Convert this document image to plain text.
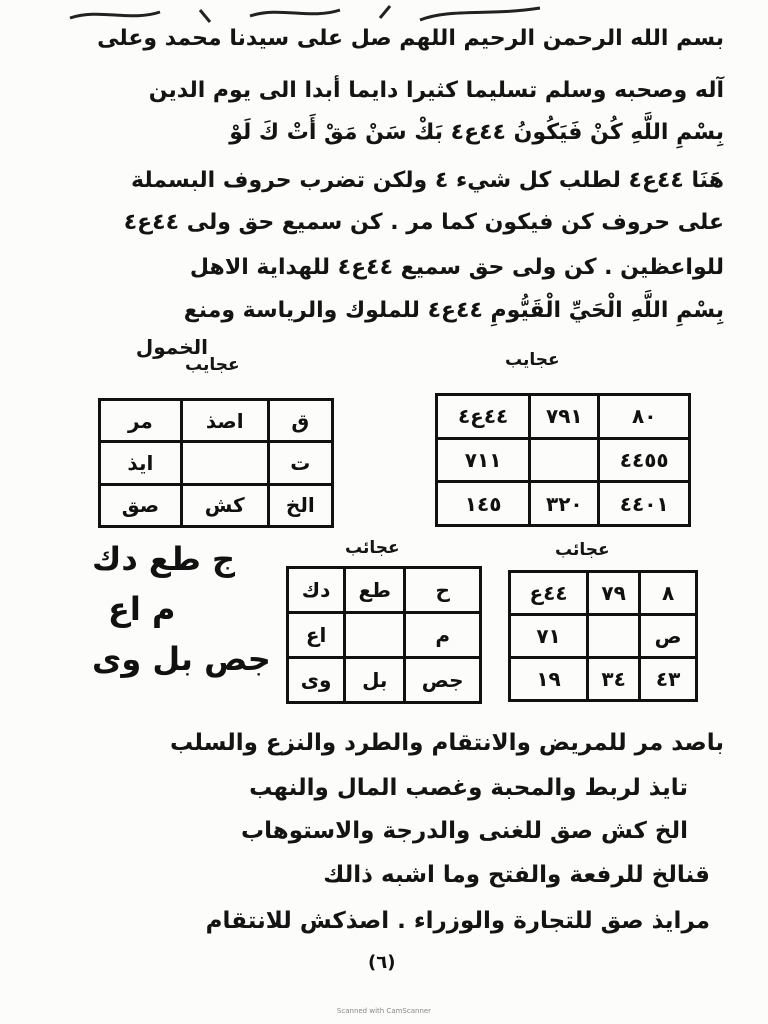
بسم الله الرحمن الرحيم اللهم صل على سيدنا محمد وعلى
آله وصحبه وسلم تسليما كثيرا دايما أبدا الى يوم الدين
بِسْمِ اللَّهِ كُنْ فَيَكُونُ ٤٤ع٤ بَكْ سَنْ مَقْ أَتْ كَ لَوْ
هَنَا ٤٤ع٤ لطلب كل شيء ٤ ولكن تضرب حروف البسملة
على حروف كن فيكون كما مر . كن سميع حق ولى ٤٤ع٤
للواعظين . كن ولى حق سميع ٤٤ع٤ للهداية الاهل
بِسْمِ اللَّهِ الْحَيِّ الْقَيُّومِ ٤٤ع٤ للملوك والرياسة ومنع
الخمول
عجايب
عجايب
عجائب
عجائب
٨٠	٧٩١	٤٤ع٤
٤٤٥٥		٧١١
٤٤٠١	٣٢٠	١٤٥
ق	اصذ	مر
ت		ايذ
الخ	كش	صق
٨	٧٩	٤٤ع
ص		٧١
٤٣	٣٤	١٩
ح	طع	دك
م		اع
جص	بل	وى
ج طع دك
م اع
جص بل وى
باصد مر للمريض والانتقام والطرد والنزع والسلب
تايذ لربط والمحبة وغصب المال والنهب
الخ كش صق للغنى والدرجة والاستوهاب
قنالخ للرفعة والفتح وما اشبه ذالك
مرايذ صق للتجارة والوزراء . اصذكش للانتقام
(٦)
Scanned with CamScanner
